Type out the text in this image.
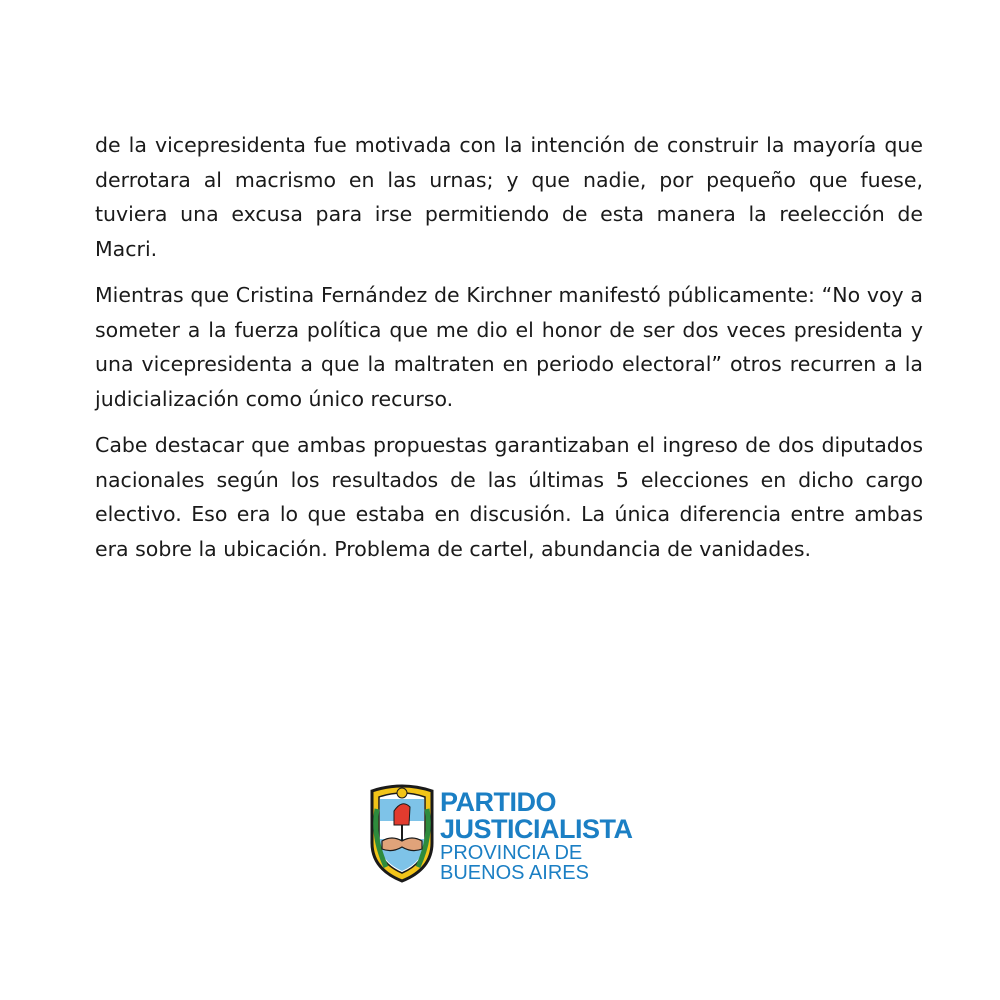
de la vicepresidenta fue motivada con la intención de construir la mayoría que derrotara al macrismo en las urnas; y que nadie, por pequeño que fuese, tuviera una excusa para irse permitiendo de esta manera la reelección de Macri.

Mientras que Cristina Fernández de Kirchner manifestó públicamente: “No voy a someter a la fuerza política que me dio el honor de ser dos veces presidenta y una vicepresidenta a que la maltraten en periodo electoral” otros recurren a la judicialización como único recurso.

Cabe destacar que ambas propuestas garantizaban el ingreso de dos diputados nacionales según los resultados de las últimas 5 elecciones en dicho cargo electivo. Eso era lo que estaba en discusión. La única diferencia entre ambas era sobre la ubicación. Problema de cartel, abundancia de vanidades.

PARTIDO
JUSTICIALISTA
PROVINCIA DE
BUENOS AIRES
